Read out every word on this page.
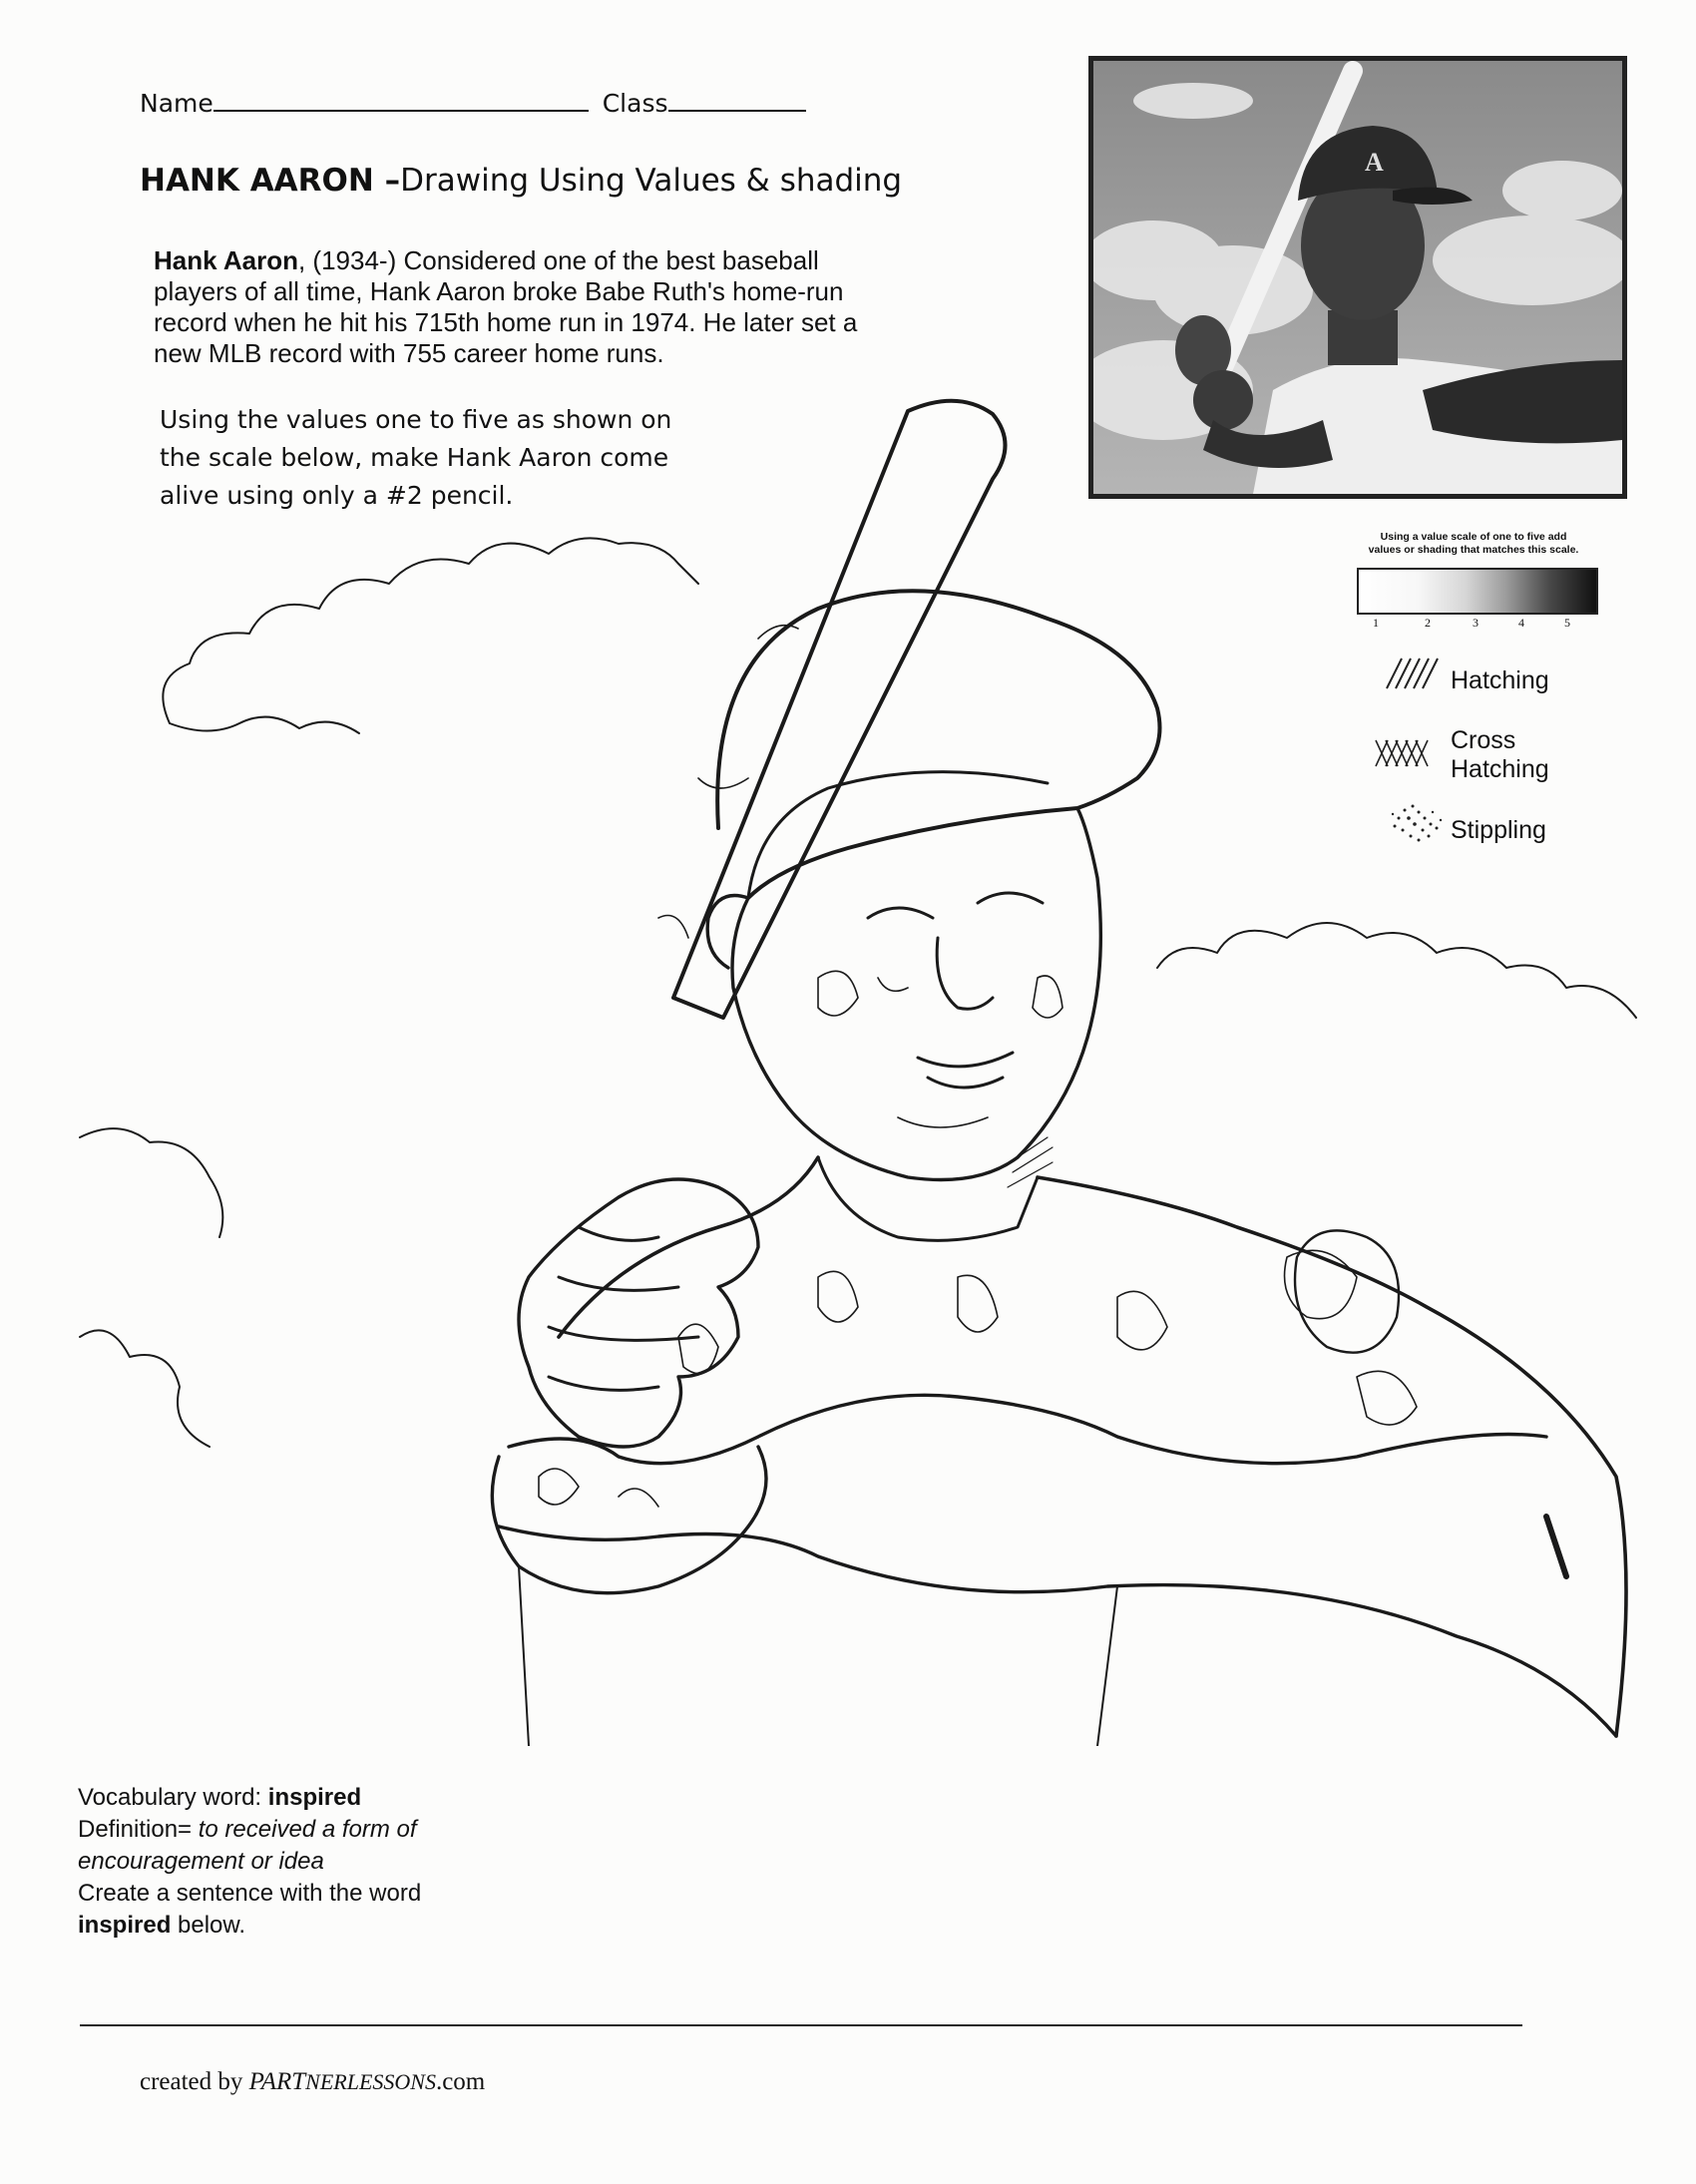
Name	Class
HANK AARON –Drawing Using Values & shading
Hank Aaron, (1934-) Considered one of the best baseball
players of all time, Hank Aaron broke Babe Ruth's home-run
record when he hit his 715th home run in 1974. He later set a
new MLB record with 755 career home runs.
Using the values one to five as shown on
the scale below, make Hank Aaron come
alive using only a #2 pencil.
A
Using a value scale of one to five add
values or shading that matches this scale.
1	2	3	4	5
Hatching
Cross
Hatching
Stippling
Vocabulary word: inspired
Definition= to received a form of
encouragement or idea
Create a sentence with the word
inspired below.
created by PARTNERLESSONS.com
